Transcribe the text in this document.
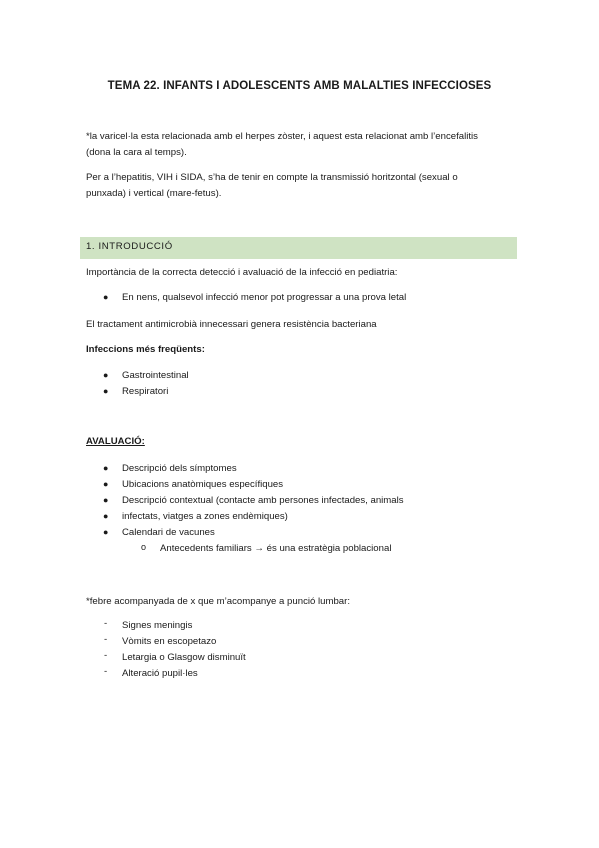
TEMA 22. INFANTS I ADOLESCENTS AMB MALALTIES INFECCIOSES
*la varicel·la esta relacionada amb el herpes zòster, i aquest esta relacionat amb l’encefalitis
(dona la cara al temps).
Per a l’hepatitis, VIH i SIDA, s’ha de tenir en compte la transmissió horitzontal (sexual o
punxada) i vertical (mare-fetus).
1. INTRODUCCIÓ
Importància de la correcta detecció i avaluació de la infecció en pediatria:
● En nens, qualsevol infecció menor pot progressar a una prova letal
El tractament antimicrobià innecessari genera resistència bacteriana
Infeccions més freqüents:
● Gastrointestinal
● Respiratori
AVALUACIÓ:
● Descripció dels símptomes
● Ubicacions anatòmiques específiques
● Descripció contextual (contacte amb persones infectades, animals
● infectats, viatges a zones endèmiques)
● Calendari de vacunes
o Antecedents familiars → és una estratègia poblacional
*febre acompanyada de x que m’acompanye a punció lumbar:
- Signes meningis
- Vòmits en escopetazo
- Letargia o Glasgow disminuït
- Alteració pupil·les
